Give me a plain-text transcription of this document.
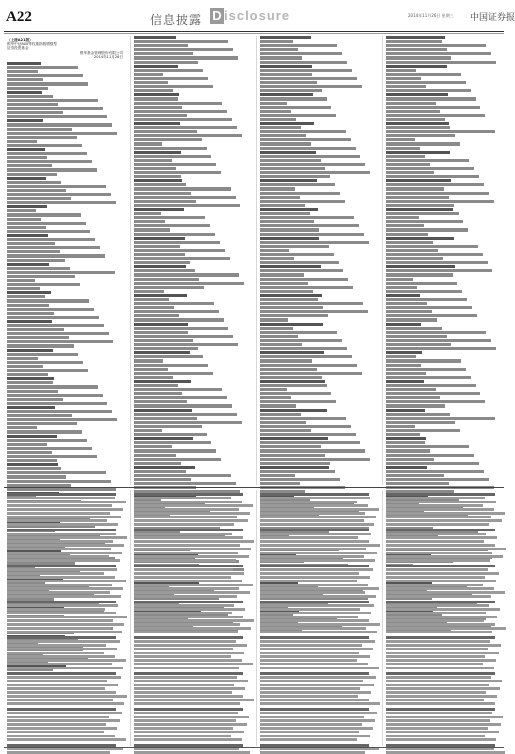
A22	信息披露 D $^{isclosure}$	2014年11月26日 星期三 中国证券报
（上接A21版）
银华中证800等权重指数增强型
证券投资基金
银华基金管理股份有限公司
2014年11月26日
